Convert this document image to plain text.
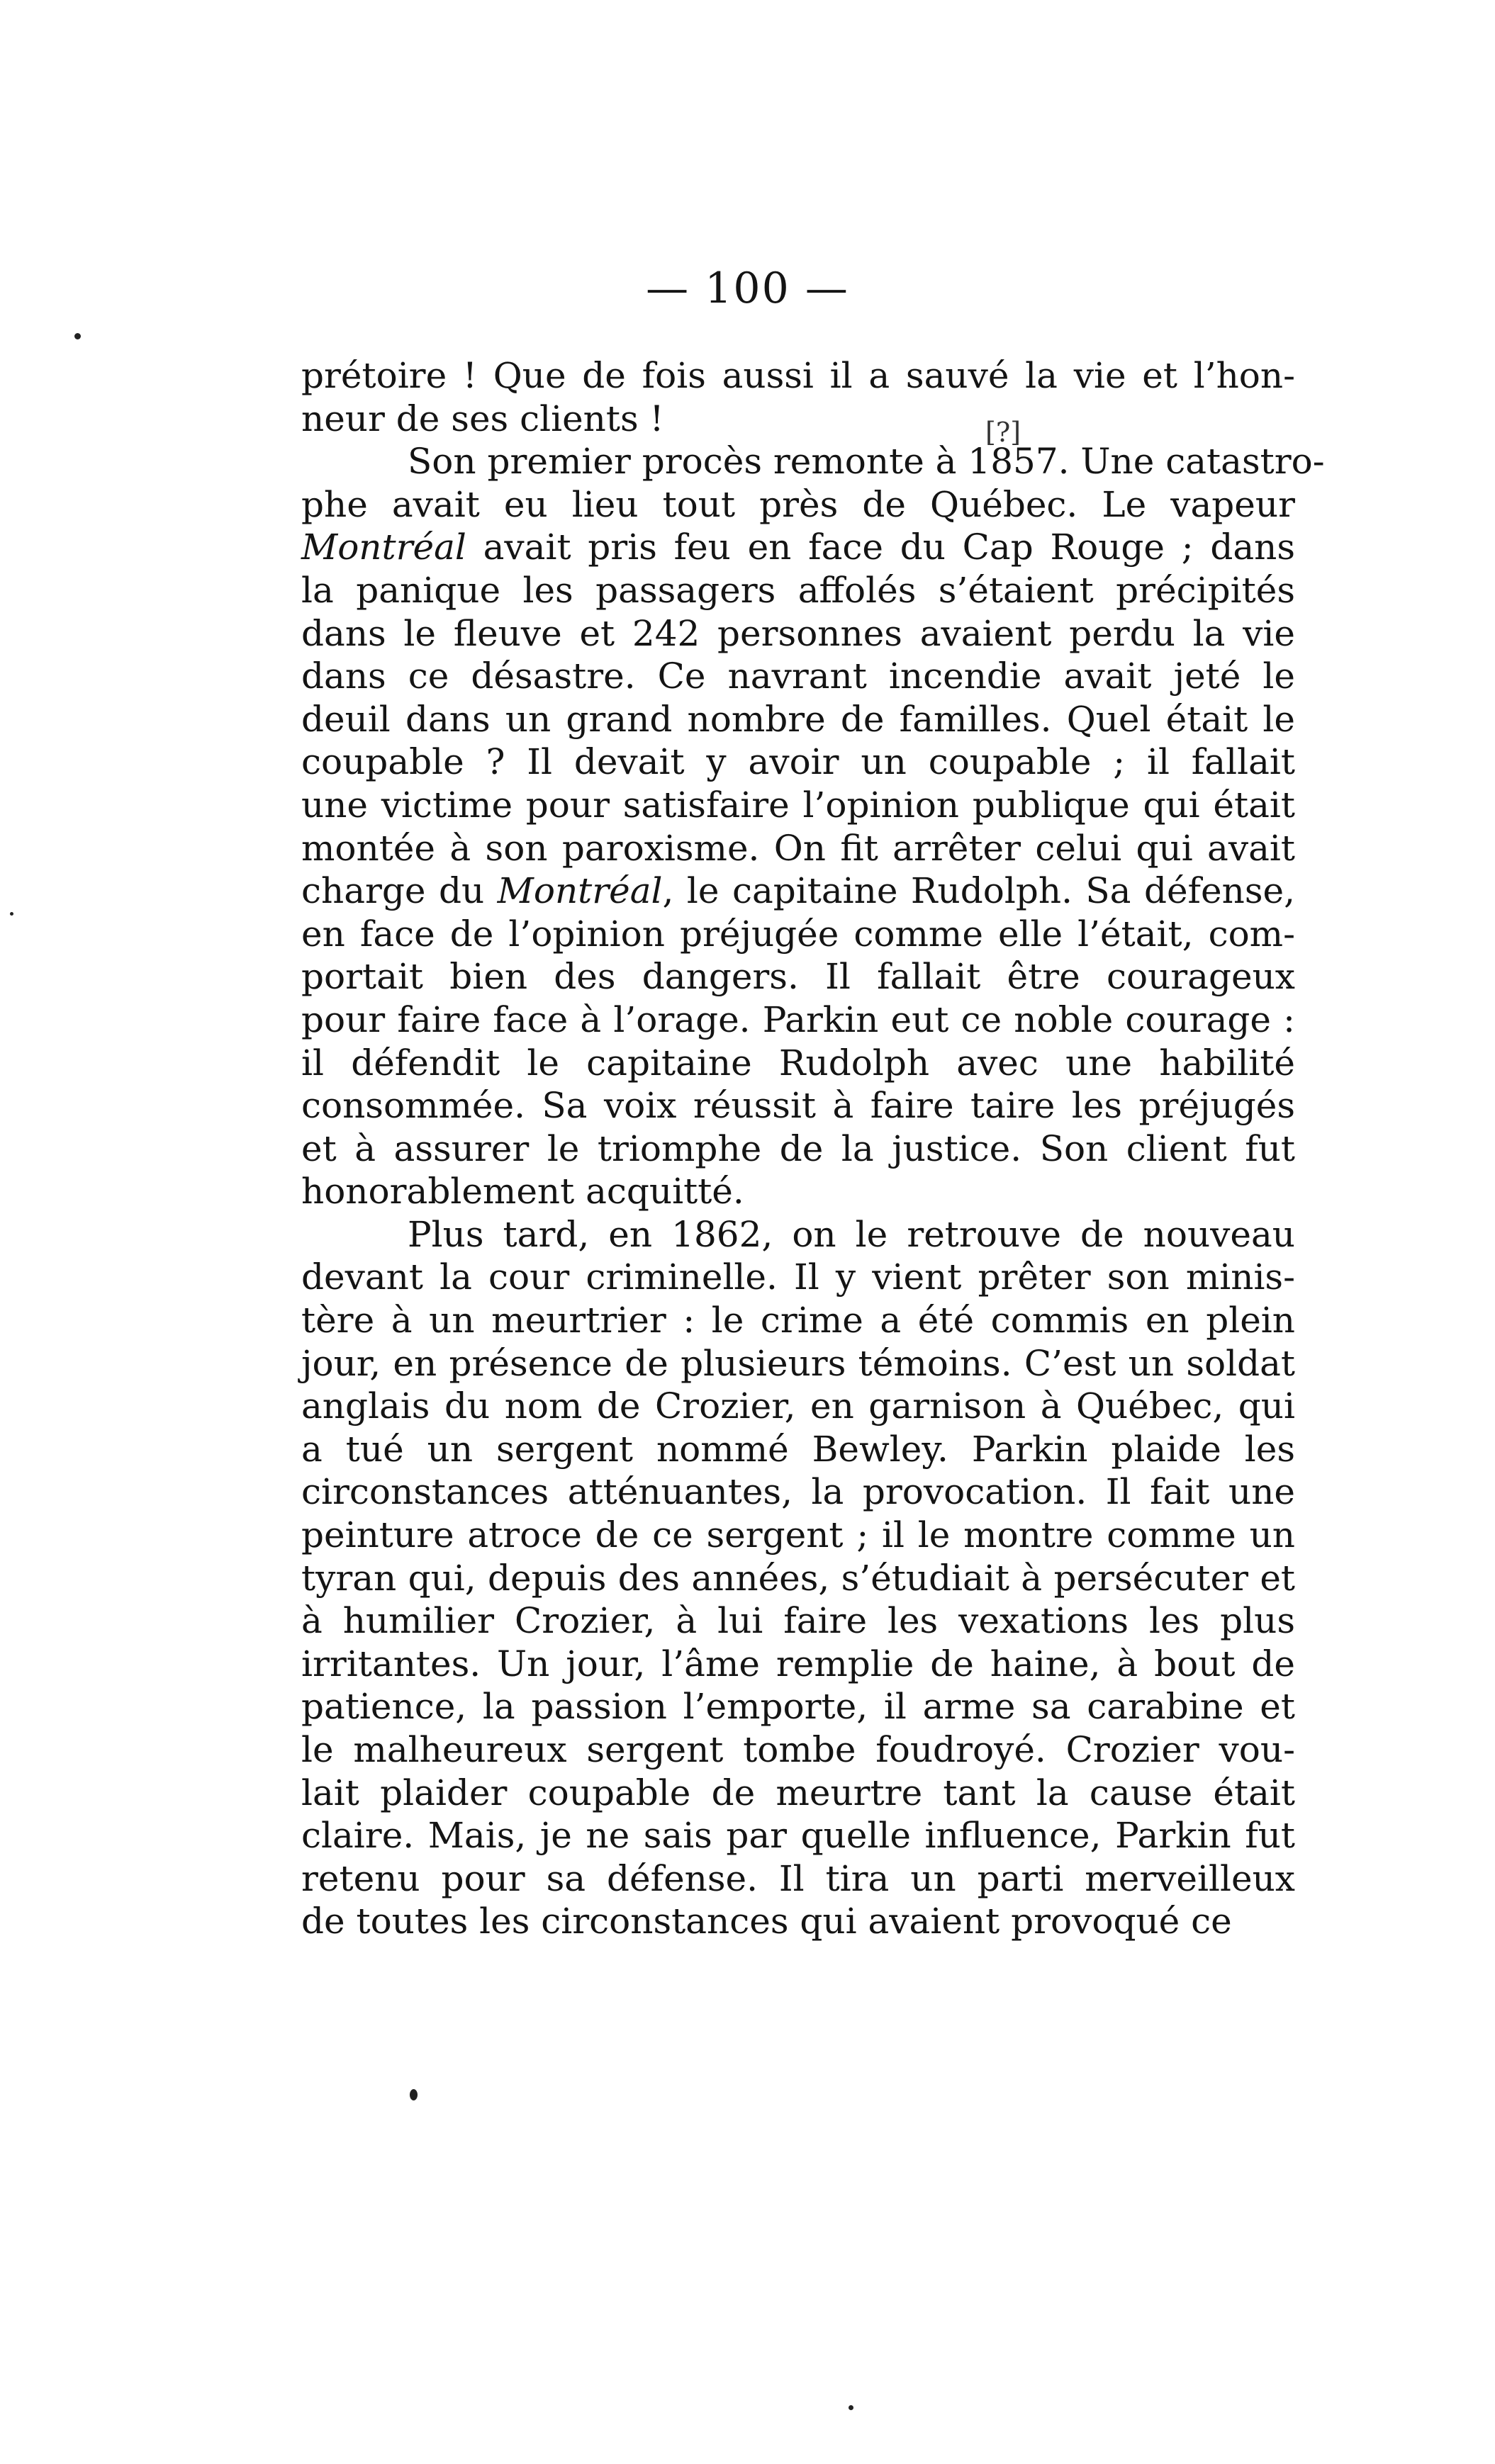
— 100 —
[?]
prétoire ! Que de fois aussi il a sauvé la vie et l’hon-
neur de ses clients !
Son premier procès remonte à 1857. Une catastro-
phe avait eu lieu tout près de Québec. Le vapeur
Montréal avait pris feu en face du Cap Rouge ; dans
la panique les passagers affolés s’étaient précipités
dans le fleuve et 242 personnes avaient perdu la vie
dans ce désastre. Ce navrant incendie avait jeté le
deuil dans un grand nombre de familles. Quel était le
coupable ? Il devait y avoir un coupable ; il fallait
une victime pour satisfaire l’opinion publique qui était
montée à son paroxisme. On fit arrêter celui qui avait
charge du Montréal, le capitaine Rudolph. Sa défense,
en face de l’opinion préjugée comme elle l’était, com-
portait bien des dangers. Il fallait être courageux
pour faire face à l’orage. Parkin eut ce noble courage :
il défendit le capitaine Rudolph avec une habilité
consommée. Sa voix réussit à faire taire les préjugés
et à assurer le triomphe de la justice. Son client fut
honorablement acquitté.
Plus tard, en 1862, on le retrouve de nouveau
devant la cour criminelle. Il y vient prêter son minis-
tère à un meurtrier : le crime a été commis en plein
jour, en présence de plusieurs témoins. C’est un soldat
anglais du nom de Crozier, en garnison à Québec, qui
a tué un sergent nommé Bewley. Parkin plaide les
circonstances atténuantes, la provocation. Il fait une
peinture atroce de ce sergent ; il le montre comme un
tyran qui, depuis des années, s’étudiait à persécuter et
à humilier Crozier, à lui faire les vexations les plus
irritantes. Un jour, l’âme remplie de haine, à bout de
patience, la passion l’emporte, il arme sa carabine et
le malheureux sergent tombe foudroyé. Crozier vou-
lait plaider coupable de meurtre tant la cause était
claire. Mais, je ne sais par quelle influence, Parkin fut
retenu pour sa défense. Il tira un parti merveilleux
de toutes les circonstances qui avaient provoqué ce
